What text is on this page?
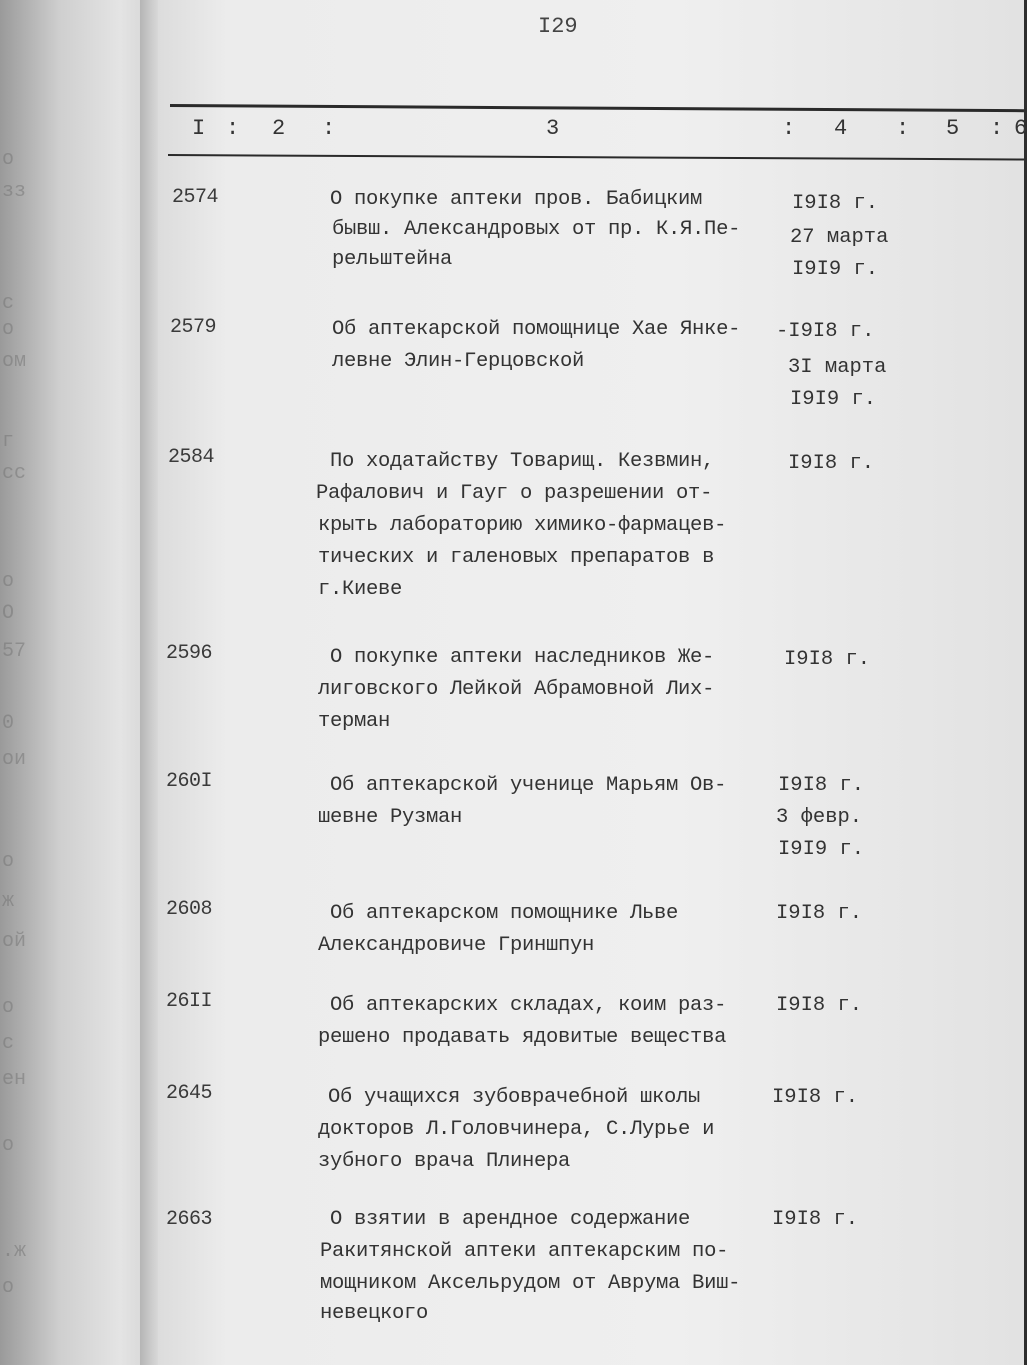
о
зз
с
о
ом
г
сс
о
О
57
0
ои
о
ж
ой
о
с
ен
о
.ж
о
I29
I : 2 :	3	: 4 : 5 : 6
2574	О покупке аптеки пров. Бабицким
бывш. Александровых от пр. К.Я.Пе-
рельштейна
I9I8 г.
27 марта
I9I9 г.
2579	Об аптекарской помощнице Хае Янке-
левне Элин-Герцовской
-I9I8 г.
3I марта
I9I9 г.
2584	По ходатайству Товарищ. Кезвмин,
Рафалович и Гауг о разрешении от-
крыть лабораторию химико-фармацев-
тических и галеновых препаратов в
г.Киеве
I9I8 г.
2596	О покупке аптеки наследников Же-
лиговского Лейкой Абрамовной Лих-
терман
I9I8 г.
260I	Об аптекарской ученице Марьям Ов-
шевне Рузман
I9I8 г.
3 февр.
I9I9 г.
2608	Об аптекарском помощнике Льве
Александровиче Гриншпун
I9I8 г.
26II	Об аптекарских складах, коим раз-
решено продавать ядовитые вещества
I9I8 г.
2645	Об учащихся зубоврачебной школы
докторов Л.Головчинера, С.Лурье и
зубного врача Плинера
I9I8 г.
2663	О взятии в арендное содержание
Ракитянской аптеки аптекарским по-
мощником Аксельрудом от Аврума Виш-
невецкого
I9I8 г.
